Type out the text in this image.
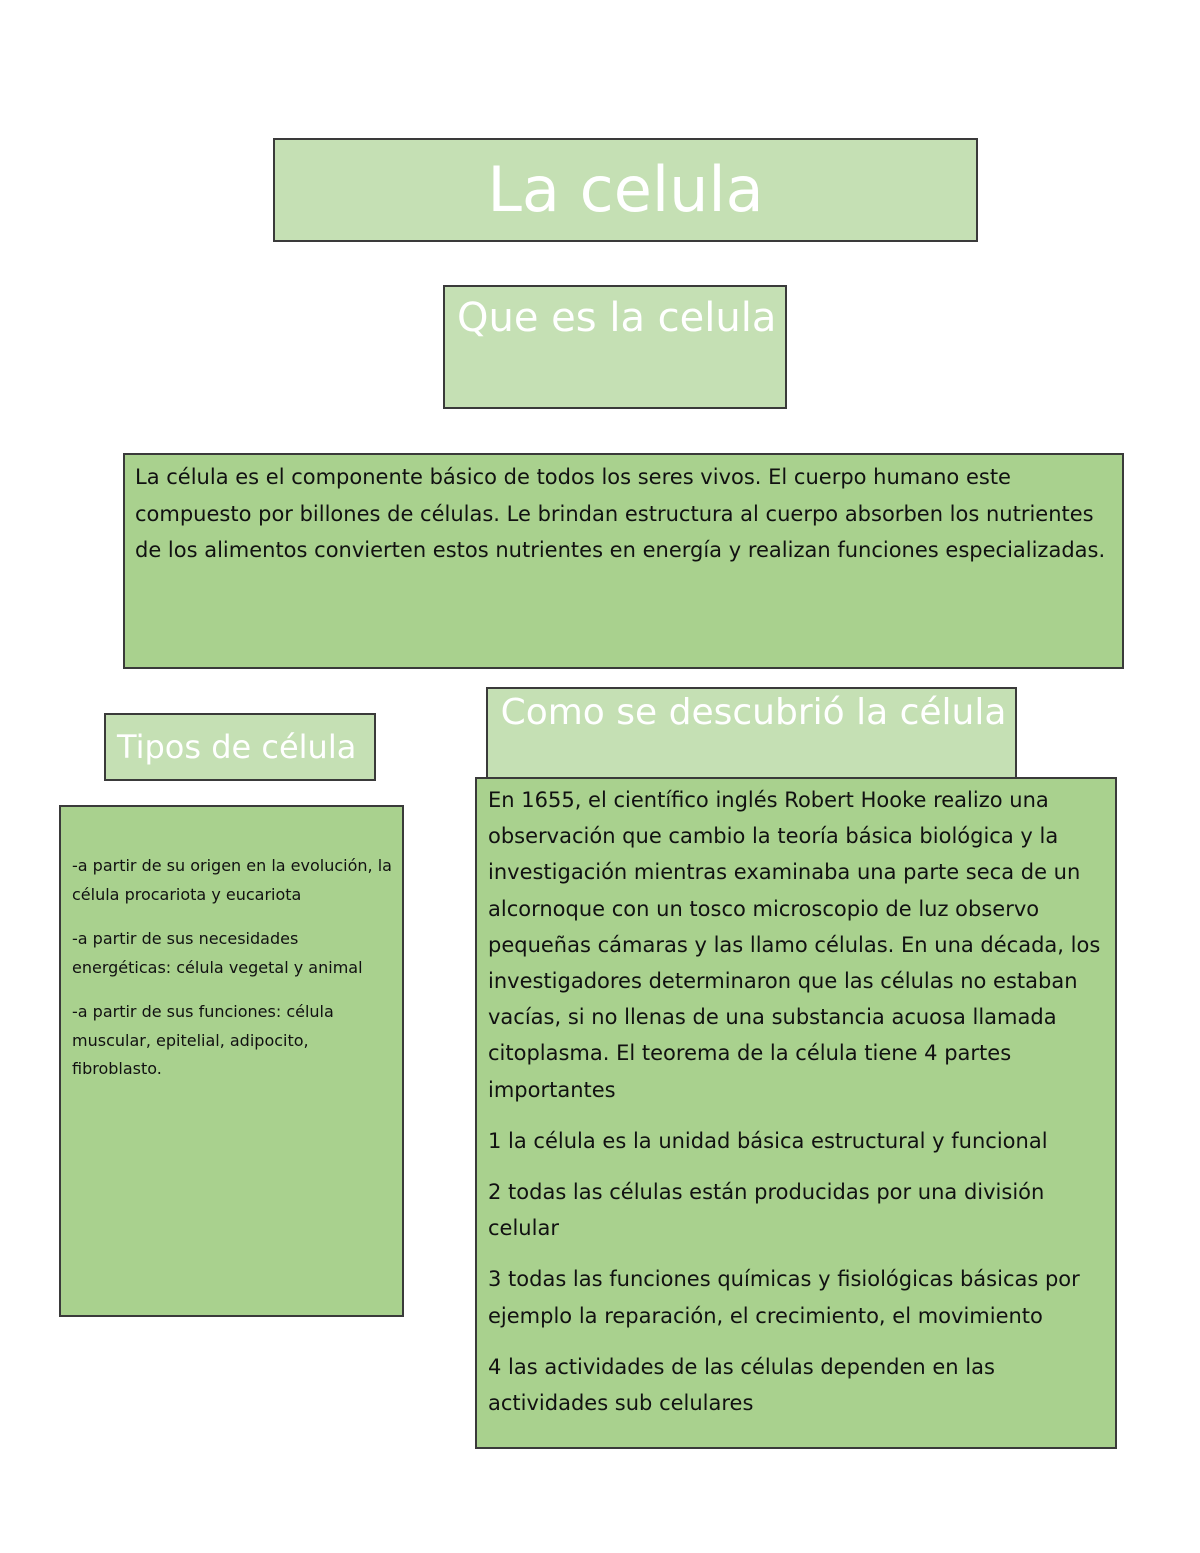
La celula
Que es la celula
La célula es el componente básico de todos los seres vivos. El cuerpo humano este compuesto por billones de células. Le brindan estructura al cuerpo absorben los nutrientes de los alimentos convierten estos nutrientes en energía y realizan funciones especializadas.
Tipos de célula
Como se descubrió la célula

-a partir de su origen en la evolución, la célula procariota y eucariota

-a partir de sus necesidades energéticas: célula vegetal y animal

-a partir de sus funciones: célula muscular, epitelial, adipocito, fibroblasto.

En 1655, el científico inglés Robert Hooke realizo una observación que cambio la teoría básica biológica y la investigación mientras examinaba una parte seca de un alcornoque con un tosco microscopio de luz observo pequeñas cámaras y las llamo células. En una década, los investigadores determinaron que las células no estaban vacías, si no llenas de una substancia acuosa llamada citoplasma. El teorema de la célula tiene 4 partes importantes

1 la célula es la unidad básica estructural y funcional

2 todas las células están producidas por una división celular

3 todas las funciones químicas y fisiológicas básicas por ejemplo la reparación, el crecimiento, el movimiento

4 las actividades de las células dependen en las actividades sub celulares
